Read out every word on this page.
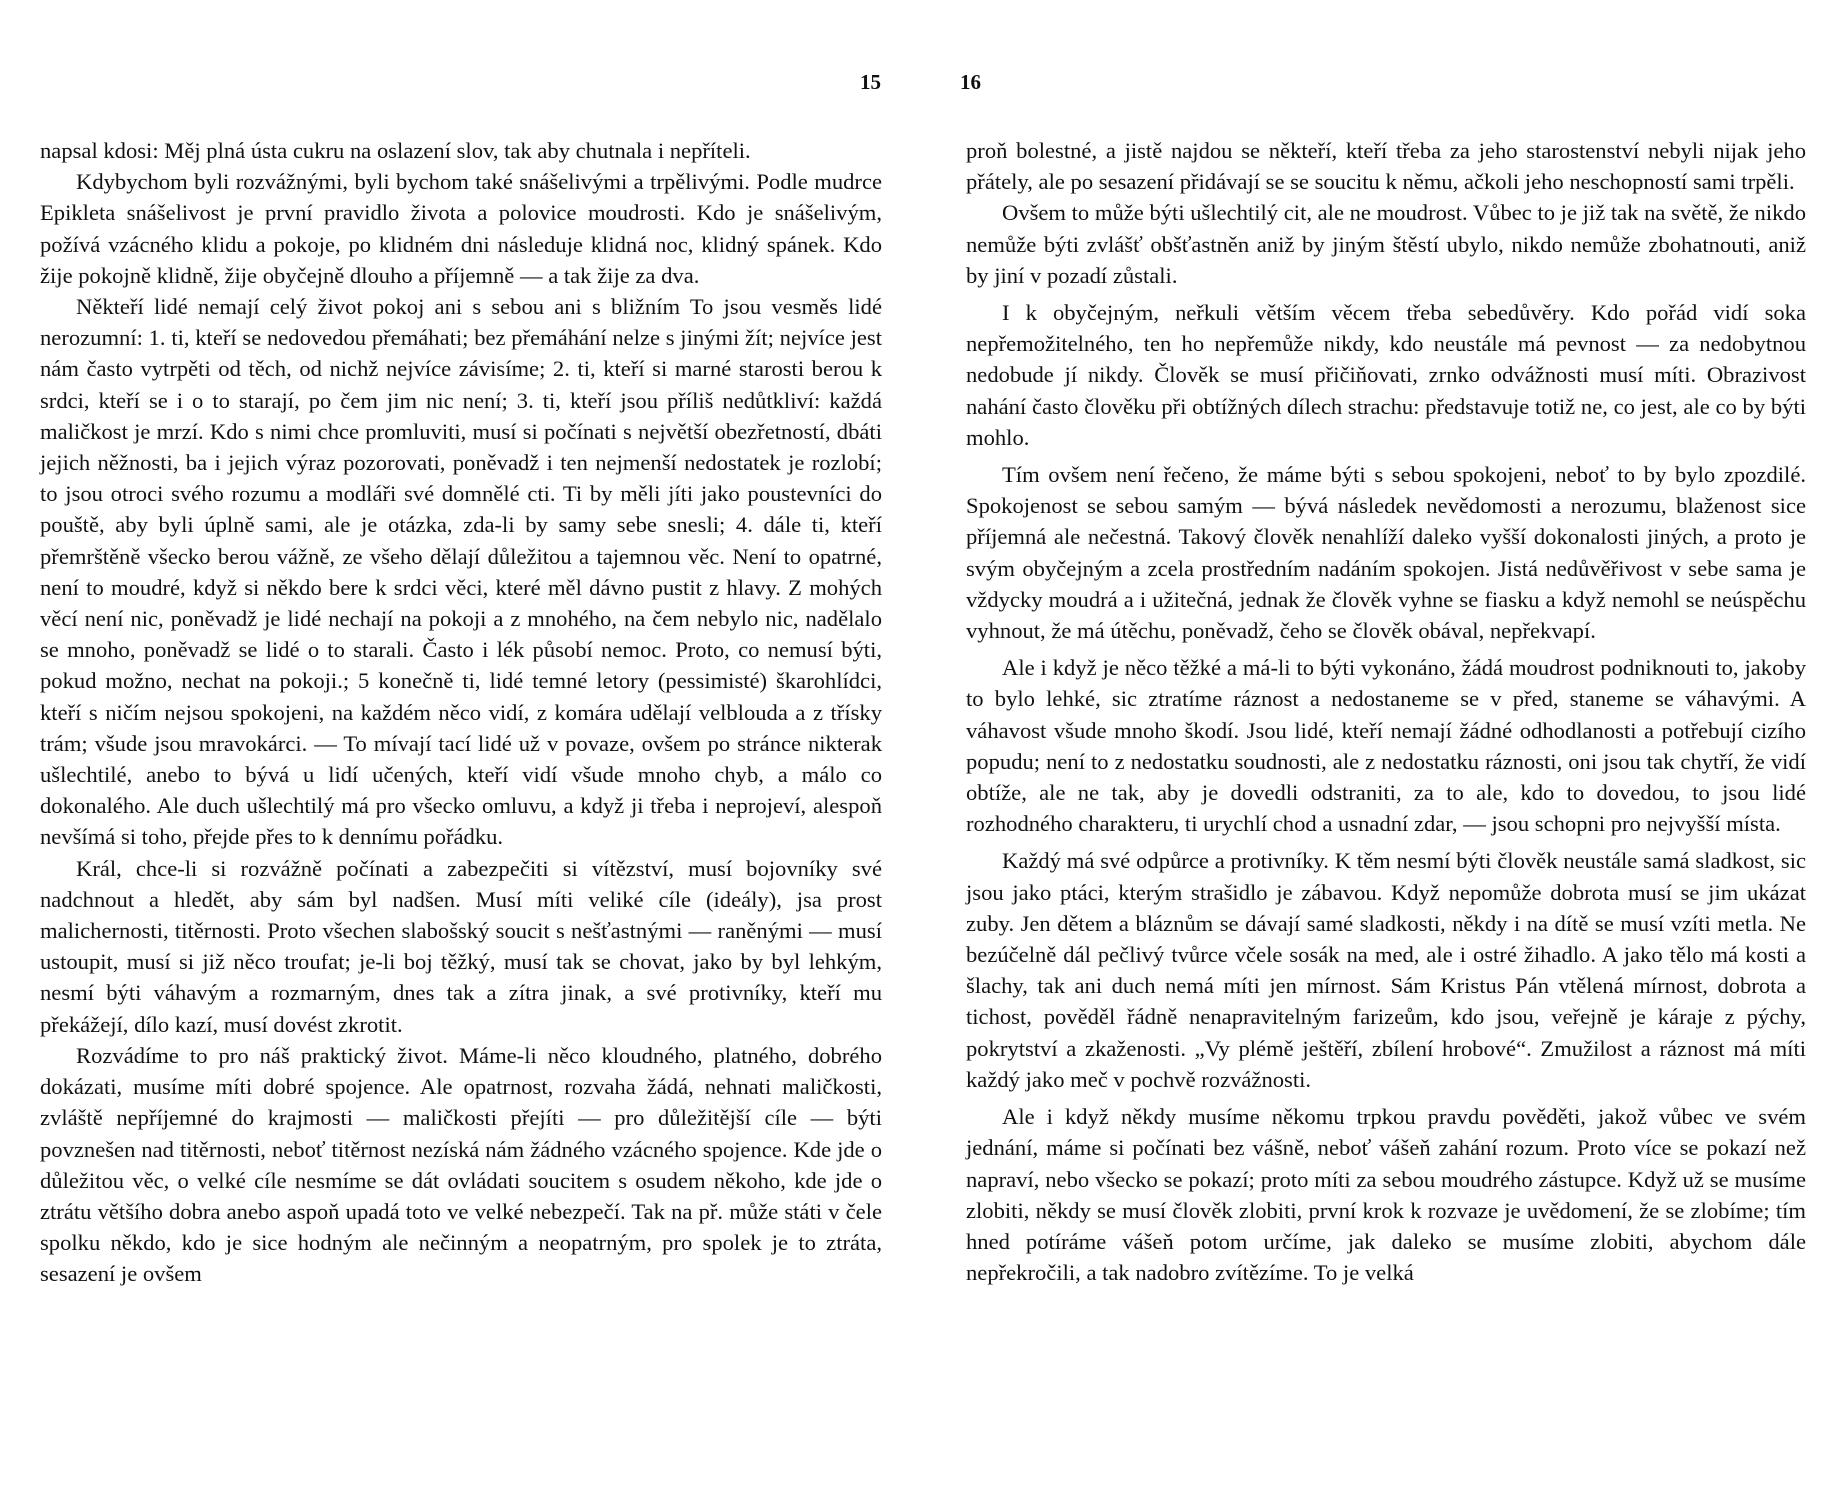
15

napsal kdosi: Měj plná ústa cukru na oslazení slov, tak aby chutnala i nepříteli.

Kdybychom byli rozvážnými, byli bychom také snášelivými a trpělivými. Podle mudrce Epikleta snášelivost je první pravidlo života a polovice moudrosti. Kdo je snášelivým, požívá vzácného klidu a pokoje, po klidném dni následuje klidná noc, klidný spánek. Kdo žije pokojně klidně, žije obyčejně dlouho a příjemně — a tak žije za dva.

Někteří lidé nemají celý život pokoj ani s sebou ani s bližním To jsou vesměs lidé nerozumní: 1. ti, kteří se nedovedou přemáhati; bez přemáhání nelze s jinými žít; nejvíce jest nám často vytrpěti od těch, od nichž nejvíce závisíme; 2. ti, kteří si marné starosti berou k srdci, kteří se i o to starají, po čem jim nic není; 3. ti, kteří jsou příliš nedůtkliví: každá maličkost je mrzí. Kdo s nimi chce promluviti, musí si počínati s největší obezřetností, dbáti jejich něžnosti, ba i jejich výraz pozorovati, poněvadž i ten nejmenší nedostatek je rozlobí; to jsou otroci svého rozumu a modláři své domnělé cti. Ti by měli jíti jako poustevníci do pouště, aby byli úplně sami, ale je otázka, zda-li by samy sebe snesli; 4. dále ti, kteří přemrštěně všecko berou vážně, ze všeho dělají důležitou a tajemnou věc. Není to opatrné, není to moudré, když si někdo bere k srdci věci, které měl dávno pustit z hlavy. Z mohých věcí není nic, poněvadž je lidé nechají na pokoji a z mnohého, na čem nebylo nic, nadělalo se mnoho, poněvadž se lidé o to starali. Často i lék působí nemoc. Proto, co nemusí býti, pokud možno, nechat na pokoji.; 5 konečně ti, lidé temné letory (pessimisté) škarohlídci, kteří s ničím nejsou spokojeni, na každém něco vidí, z komára udělají velblouda a z třísky trám; všude jsou mravokárci. — To mívají tací lidé už v povaze, ovšem po stránce nikterak ušlechtilé, anebo to bývá u lidí učených, kteří vidí všude mnoho chyb, a málo co dokonalého. Ale duch ušlechtilý má pro všecko omluvu, a když ji třeba i neprojeví, alespoň nevšímá si toho, přejde přes to k dennímu pořádku.

Král, chce-li si rozvážně počínati a zabezpečiti si vítězství, musí bojovníky své nadchnout a hledět, aby sám byl nadšen. Musí míti veliké cíle (ideály), jsa prost malichernosti, titěrnosti. Proto všechen slabošský soucit s nešťastnými — raněnými — musí ustoupit, musí si již něco troufat; je-li boj těžký, musí tak se chovat, jako by byl lehkým, nesmí býti váhavým a rozmarným, dnes tak a zítra jinak, a své protivníky, kteří mu překážejí, dílo kazí, musí dovést zkrotit.

Rozvádíme to pro náš praktický život. Máme-li něco kloudného, platného, dobrého dokázati, musíme míti dobré spojence. Ale opatrnost, rozvaha žádá, nehnati maličkosti, zvláště nepříjemné do krajmosti — maličkosti přejíti — pro důležitější cíle — býti povznešen nad titěrnosti, neboť titěrnost nezíská nám žádného vzácného spojence. Kde jde o důležitou věc, o velké cíle nesmíme se dát ovládati soucitem s osudem někoho, kde jde o ztrátu většího dobra anebo aspoň upadá toto ve velké nebezpečí. Tak na př. může státi v čele spolku někdo, kdo je sice hodným ale nečinným a neopatrným, pro spolek je to ztráta, sesazení je ovšem

16

proň bolestné, a jistě najdou se někteří, kteří třeba za jeho starostenství nebyli nijak jeho přátely, ale po sesazení přidávají se se soucitu k němu, ačkoli jeho neschopností sami trpěli.

Ovšem to může býti ušlechtilý cit, ale ne moudrost. Vůbec to je již tak na světě, že nikdo nemůže býti zvlášť obšťastněn aniž by jiným štěstí ubylo, nikdo nemůže zbohatnouti, aniž by jiní v pozadí zůstali.

I k obyčejným, neřkuli větším věcem třeba sebedůvěry. Kdo pořád vidí soka nepřemožitelného, ten ho nepřemůže nikdy, kdo neustále má pevnost — za nedobytnou nedobude jí nikdy. Člověk se musí přičiňovati, zrnko odvážnosti musí míti. Obrazivost nahání často člověku při obtížných dílech strachu: představuje totiž ne, co jest, ale co by býti mohlo.

Tím ovšem není řečeno, že máme býti s sebou spokojeni, neboť to by bylo zpozdilé. Spokojenost se sebou samým — bývá následek nevědomosti a nerozumu, blaženost sice příjemná ale nečestná. Takový člověk nenahlíží daleko vyšší dokonalosti jiných, a proto je svým obyčejným a zcela prostředním nadáním spokojen. Jistá nedůvěřivost v sebe sama je vždycky moudrá a i užitečná, jednak že člověk vyhne se fiasku a když nemohl se neúspěchu vyhnout, že má útěchu, poněvadž, čeho se člověk obával, nepřekvapí.

Ale i když je něco těžké a má-li to býti vykonáno, žádá moudrost podniknouti to, jakoby to bylo lehké, sic ztratíme ráznost a nedostaneme se v před, staneme se váhavými. A váhavost všude mnoho škodí. Jsou lidé, kteří nemají žádné odhodlanosti a potřebují cizího popudu; není to z nedostatku soudnosti, ale z nedostatku ráznosti, oni jsou tak chytří, že vidí obtíže, ale ne tak, aby je dovedli odstraniti, za to ale, kdo to dovedou, to jsou lidé rozhodného charakteru, ti urychlí chod a usnadní zdar, — jsou schopni pro nejvyšší místa.

Každý má své odpůrce a protivníky. K těm nesmí býti člověk neustále samá sladkost, sic jsou jako ptáci, kterým strašidlo je zábavou. Když nepomůže dobrota musí se jim ukázat zuby. Jen dětem a bláznům se dávají samé sladkosti, někdy i na dítě se musí vzíti metla. Ne bezúčelně dál pečlivý tvůrce včele sosák na med, ale i ostré žihadlo. A jako tělo má kosti a šlachy, tak ani duch nemá míti jen mírnost. Sám Kristus Pán vtělená mírnost, dobrota a tichost, pověděl řádně nenapravitelným farizeům, kdo jsou, veřejně je káraje z pýchy, pokrytství a zkaženosti. „Vy plémě ještěří, zbílení hrobové“. Zmužilost a ráznost má míti každý jako meč v pochvě rozvážnosti.

Ale i když někdy musíme někomu trpkou pravdu pověděti, jakož vůbec ve svém jednání, máme si počínati bez vášně, neboť vášeň zahání rozum. Proto více se pokazí než napraví, nebo všecko se pokazí; proto míti za sebou moudrého zástupce. Když už se musíme zlobiti, někdy se musí člověk zlobiti, první krok k rozvaze je uvědomení, že se zlobíme; tím hned potíráme vášeň potom určíme, jak daleko se musíme zlobiti, abychom dále nepřekročili, a tak nadobro zvítězíme. To je velká
